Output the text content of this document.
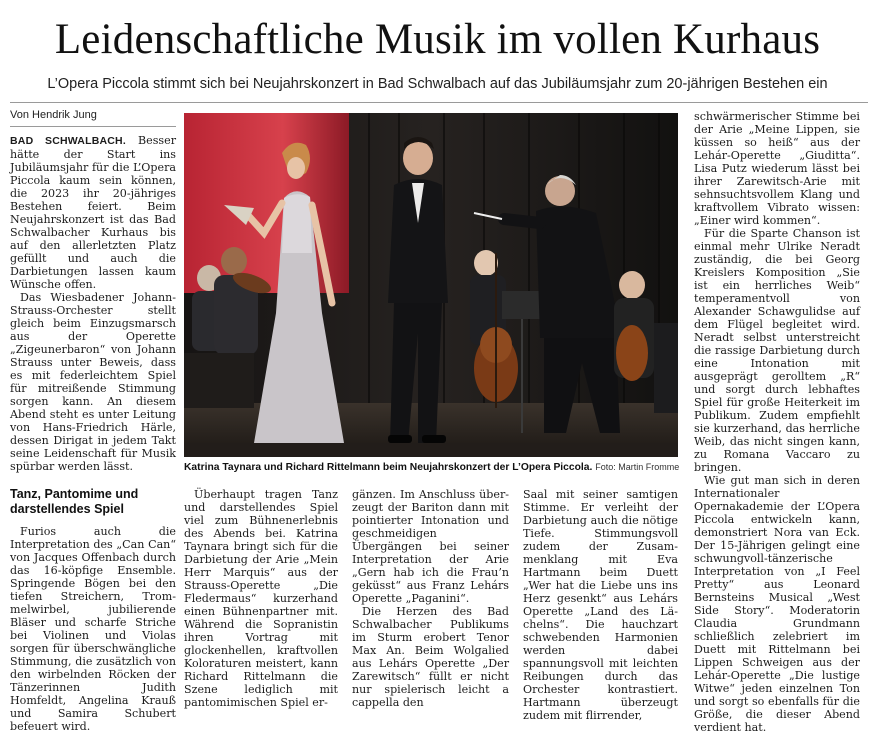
Leidenschaftliche Musik im vollen Kurhaus
L’Opera Piccola stimmt sich bei Neujahrskonzert in Bad Schwalbach auf das Jubiläumsjahr zum 20-jährigen Bestehen ein
Von Hendrik Jung

BAD SCHWALBACH. Besser hätte der Start ins Jubiläumsjahr für die L’Opera Piccola kaum sein können, die 2023 ihr 20-jähriges Bestehen feiert. Beim Neujahrskonzert ist das Bad Schwalbacher Kurhaus bis auf den allerletzten Platz gefüllt und auch die Darbietungen lassen kaum Wünsche offen.

Das Wiesbadener Johann-Strauss-Orchester stellt gleich beim Einzugsmarsch aus der Operette „Zigeunerbaron“ von Johann Strauss unter Beweis, dass es mit federleichtem Spiel für mitreißende Stimmung sorgen kann. An diesem Abend steht es unter Leitung von Hans-Friedrich Härle, dessen Dirigat in jedem Takt seine Leidenschaft für Musik spürbar werden lässt.

Tanz, Pantomime und darstellendes Spiel

Furios auch die Interpretation des „Can Can“ von Jacques Offenbach durch das 16-köpfige Ensemble. Springende Bögen bei den tiefen Streichern, Trommelwirbel, jubilierende Bläser und scharfe Striche bei Violinen und Violas sorgen für überschwängliche Stimmung, die zusätzlich von den wirbelnden Röcken der Tänzerinnen Judith Homfeldt, Angelina Krauß und Samira Schubert befeuert wird.

Katrina Taynara und Richard Rittelmann beim Neujahrskonzert der L’Opera Piccola. Foto: Martin Fromme

Überhaupt tragen Tanz und darstellendes Spiel viel zum Bühnenerlebnis des Abends bei. Katrina Taynara bringt sich für die Darbietung der Arie „Mein Herr Marquis“ aus der Strauss-Operette „Die Fledermaus“ kurzerhand einen Bühnenpartner mit. Während die Sopranistin ihren Vortrag mit glockenhellen, kraftvollen Koloraturen meistert, kann Richard Rittelmann die Szene lediglich mit pantomimischen Spiel er-

gänzen. Im Anschluss überzeugt der Bariton dann mit pointierter Intonation und geschmeidigen Übergängen bei seiner Interpretation der Arie „Gern hab ich die Frau’n geküsst“ aus Franz Lehárs Operette „Paganini“.

Die Herzen des Bad Schwalbacher Publikums im Sturm erobert Tenor Max An. Beim Wolgalied aus Lehárs Operette „Der Zarewitsch“ füllt er nicht nur spielerisch leicht a cappella den

Saal mit seiner samtigen Stimme. Er verleiht der Darbietung auch die nötige Tiefe. Stimmungsvoll zudem der Zusammenklang mit Eva Hartmann beim Duett „Wer hat die Liebe uns ins Herz gesenkt“ aus Lehárs Operette „Land des Lächelns“. Die hauchzart schwebenden Harmonien werden dabei spannungsvoll mit leichten Reibungen durch das Orchester kontrastiert. Hartmann überzeugt zudem mit flirrender,

schwärmerischer Stimme bei der Arie „Meine Lippen, sie küssen so heiß“ aus der Lehár-Operette „Giuditta“. Lisa Putz wiederum lässt bei ihrer Zarewitsch-Arie mit sehnsuchtsvollem Klang und kraftvollem Vibrato wissen: „Einer wird kommen“.

Für die Sparte Chanson ist einmal mehr Ulrike Neradt zuständig, die bei Georg Kreislers Komposition „Sie ist ein herrliches Weib“ temperamentvoll von Alexander Schawgulidse auf dem Flügel begleitet wird. Neradt selbst unterstreicht die rassige Darbietung durch eine Intonation mit ausgeprägt gerolltem „R“ und sorgt durch lebhaftes Spiel für große Heiterkeit im Publikum. Zudem empfiehlt sie kurzerhand, das herrliche Weib, das nicht singen kann, zu Romana Vaccaro zu bringen.

Wie gut man sich in deren Internationaler Opernakademie der L’Opera Piccola entwickeln kann, demonstriert Nora van Eck. Der 15-Jährigen gelingt eine schwungvoll-tänzerische Interpretation von „I Feel Pretty“ aus Leonard Bernsteins Musical „West Side Story“. Moderatorin Claudia Grundmann schließlich zelebriert im Duett mit Rittelmann bei Lippen Schweigen aus der Lehár-Operette „Die lustige Witwe“ jeden einzelnen Ton und sorgt so ebenfalls für die Größe, die dieser Abend verdient hat.
